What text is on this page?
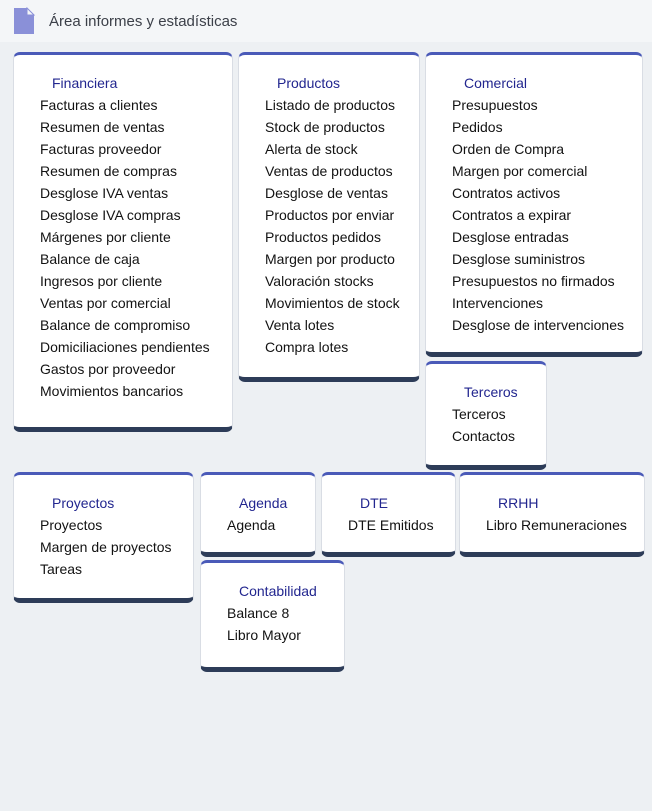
Área informes y estadísticas
Financiera
Facturas a clientes
Resumen de ventas
Facturas proveedor
Resumen de compras
Desglose IVA ventas
Desglose IVA compras
Márgenes por cliente
Balance de caja
Ingresos por cliente
Ventas por comercial
Balance de compromiso
Domiciliaciones pendientes
Gastos por proveedor
Movimientos bancarios
Productos
Listado de productos
Stock de productos
Alerta de stock
Ventas de productos
Desglose de ventas
Productos por enviar
Productos pedidos
Margen por producto
Valoración stocks
Movimientos de stock
Venta lotes
Compra lotes
Comercial
Presupuestos
Pedidos
Orden de Compra
Margen por comercial
Contratos activos
Contratos a expirar
Desglose entradas
Desglose suministros
Presupuestos no firmados
Intervenciones
Desglose de intervenciones
Terceros
Terceros
Contactos
Proyectos
Proyectos
Margen de proyectos
Tareas
Agenda
Agenda
DTE
DTE Emitidos
RRHH
Libro Remuneraciones
Contabilidad
Balance 8
Libro Mayor
